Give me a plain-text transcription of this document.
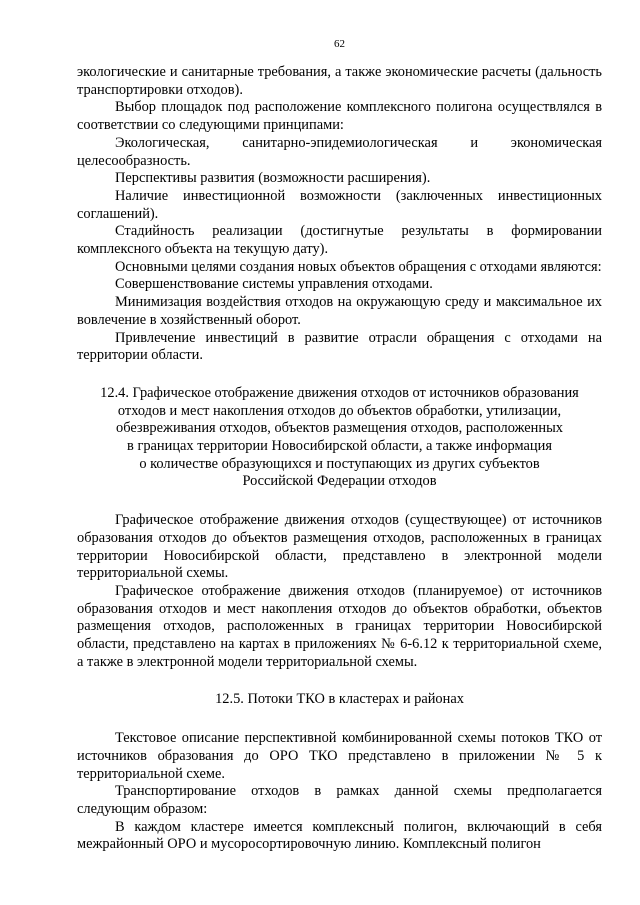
62

экологические и санитарные требования, а также экономические расчеты (дальность транспортировки отходов).

Выбор площадок под расположение комплексного полигона осуществлялся в соответствии со следующими принципами:

Экологическая, санитарно-эпидемиологическая и экономическая целесообразность.

Перспективы развития (возможности расширения).

Наличие инвестиционной возможности (заключенных инвестиционных соглашений).

Стадийность реализации (достигнутые результаты в формировании комплексного объекта на текущую дату).

Основными целями создания новых объектов обращения с отходами являются:

Совершенствование системы управления отходами.

Минимизация воздействия отходов на окружающую среду и максимальное их вовлечение в хозяйственный оборот.

Привлечение инвестиций в развитие отрасли обращения с отходами на территории области.

12.4. Графическое отображение движения отходов от источников образования
отходов и мест накопления отходов до объектов обработки, утилизации,
обезвреживания отходов, объектов размещения отходов, расположенных
в границах территории Новосибирской области, а также информация
о количестве образующихся и поступающих из других субъектов
Российской Федерации отходов

Графическое отображение движения отходов (существующее) от источников образования отходов до объектов размещения отходов, расположенных в границах территории Новосибирской области, представлено в электронной модели территориальной схемы.

Графическое отображение движения отходов (планируемое) от источников образования отходов и мест накопления отходов до объектов обработки, объектов размещения отходов, расположенных в границах территории Новосибирской области, представлено на картах в приложениях № 6-6.12 к территориальной схеме, а также в электронной модели территориальной схемы.

12.5. Потоки ТКО в кластерах и районах

Текстовое описание перспективной комбинированной схемы потоков ТКО от источников образования до ОРО ТКО представлено в приложении № 5 к территориальной схеме.

Транспортирование отходов в рамках данной схемы предполагается следующим образом:

В каждом кластере имеется комплексный полигон, включающий в себя межрайонный ОРО и мусоросортировочную линию. Комплексный полигон
